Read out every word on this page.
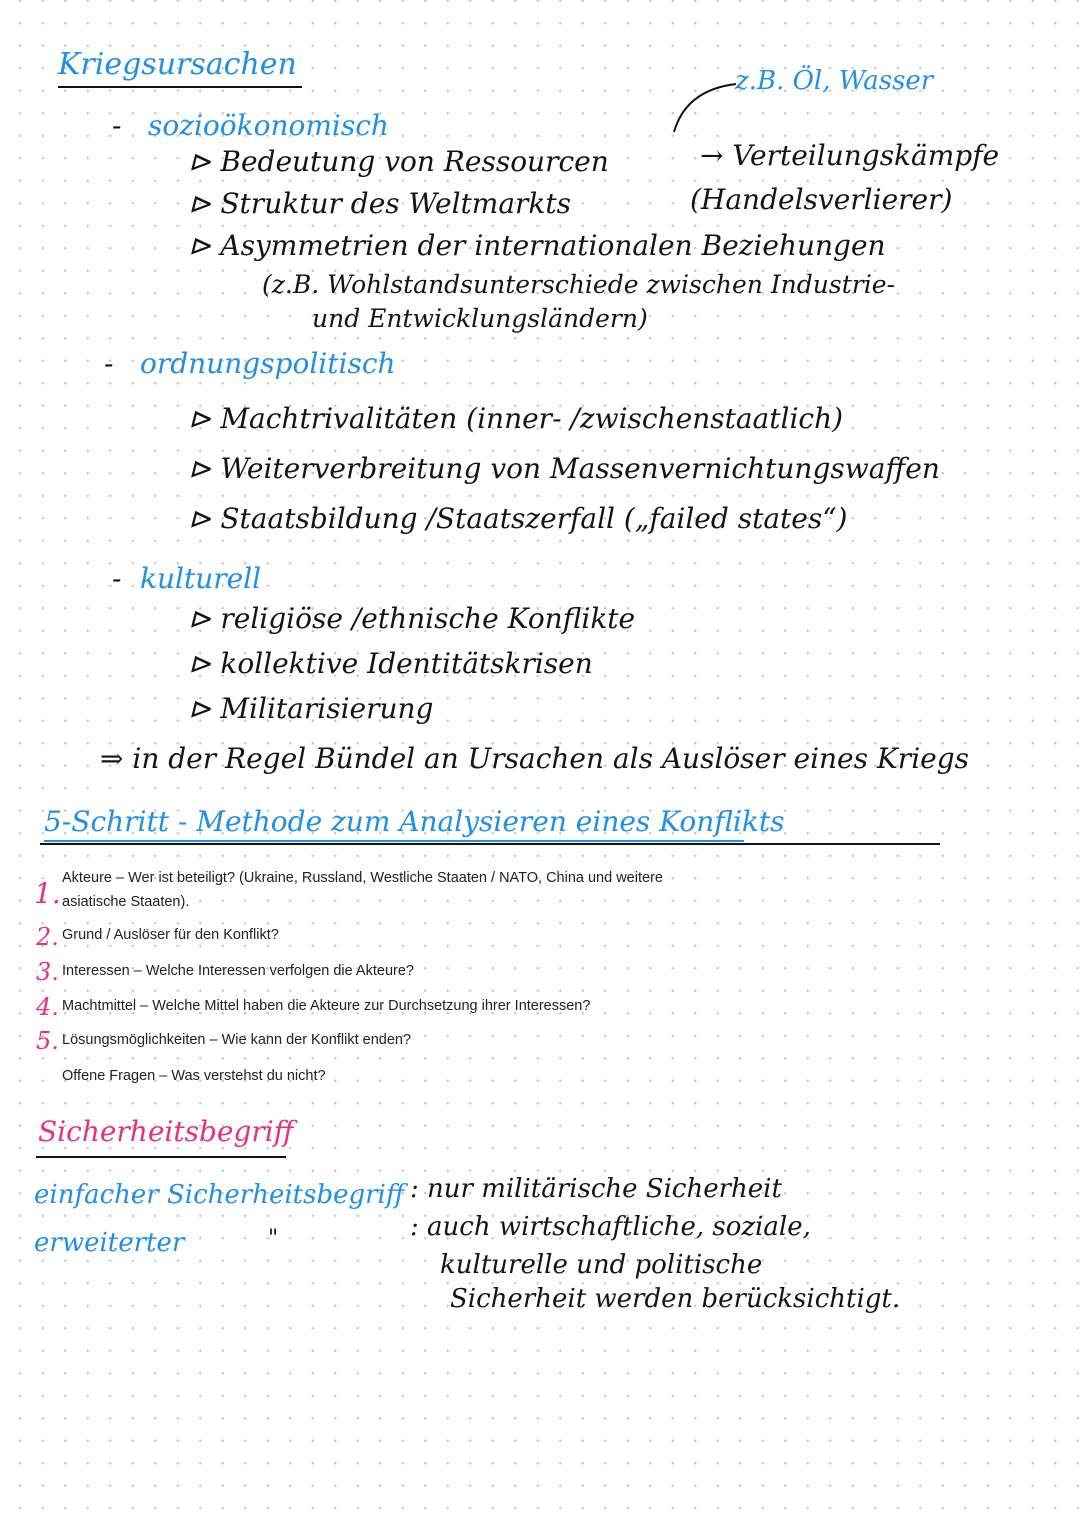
Kriegsursachen	z.B. Öl, Wasser
- sozioökonomisch
⊳ Bedeutung von Ressourcen	→ Verteilungskämpfe
⊳ Struktur des Weltmarkts	(Handelsverlierer)
⊳ Asymmetrien der internationalen Beziehungen
(z.B. Wohlstandsunterschiede zwischen Industrie-
und Entwicklungsländern)
- ordnungspolitisch
⊳ Machtrivalitäten (inner- /zwischenstaatlich)
⊳ Weiterverbreitung von Massenvernichtungswaffen
⊳ Staatsbildung /Staatszerfall („failed states“)
- kulturell
⊳ religiöse /ethnische Konflikte
⊳ kollektive Identitätskrisen
⊳ Militarisierung
⇒ in der Regel Bündel an Ursachen als Auslöser eines Kriegs
5-Schritt - Methode zum Analysieren eines Konflikts
1. Akteure – Wer ist beteiligt? (Ukraine, Russland, Westliche Staaten / NATO, China und weitere
asiatische Staaten).
2. Grund / Auslöser für den Konflikt?
3. Interessen – Welche Interessen verfolgen die Akteure?
4. Machtmittel – Welche Mittel haben die Akteure zur Durchsetzung ihrer Interessen?
5. Lösungsmöglichkeiten – Wie kann der Konflikt enden?
Offene Fragen – Was verstehst du nicht?
Sicherheitsbegriff
einfacher Sicherheitsbegriff : nur militärische Sicherheit
erweiterter	"	: auch wirtschaftliche, soziale,
kulturelle und politische
Sicherheit werden berücksichtigt.
